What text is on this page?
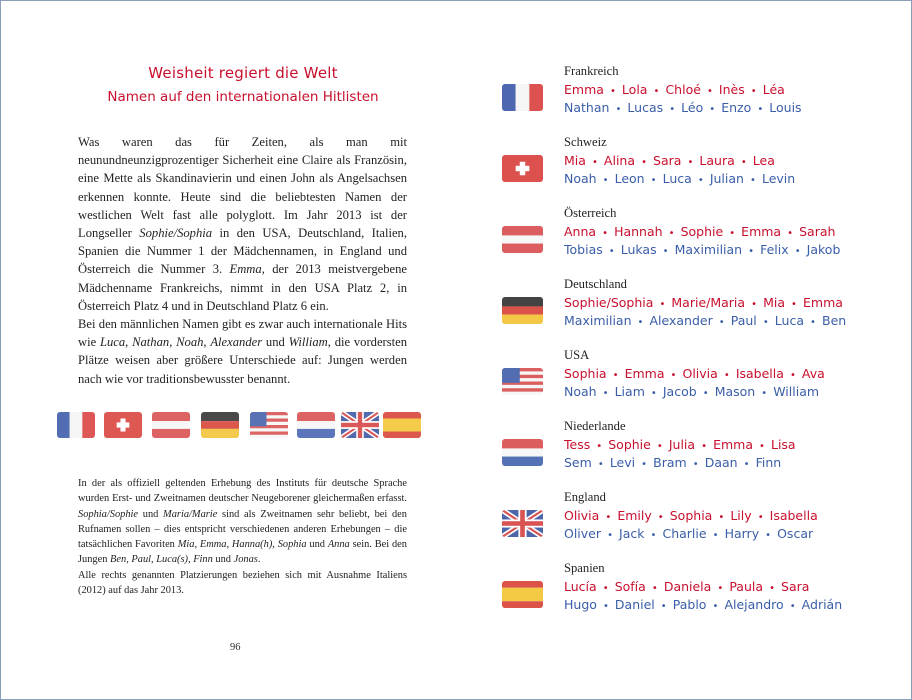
Weisheit regiert die Welt
Namen auf den internationalen Hitlisten

Was waren das für Zeiten, als man mit neunundneunzigprozentiger Sicherheit eine Claire als Französin, eine Mette als Skandinavierin und einen John als Angelsachsen erkennen konnte. Heute sind die beliebtesten Namen der westlichen Welt fast alle polyglott. Im Jahr 2013 ist der Longseller Sophie/Sophia in den USA, Deutschland, Italien, Spanien die Nummer 1 der Mädchennamen, in England und Österreich die Nummer 3. Emma, der 2013 meistvergebene Mädchenname Frankreichs, nimmt in den USA Platz 2, in Österreich Platz 4 und in Deutschland Platz 6 ein.
Bei den männlichen Namen gibt es zwar auch internationale Hits wie Luca, Nathan, Noah, Alexander und William, die vordersten Plätze weisen aber größere Unterschiede auf: Jungen werden nach wie vor traditionsbewusster benannt.

In der als offiziell geltenden Erhebung des Instituts für deutsche Sprache wurden Erst- und Zweitnamen deutscher Neugeborener gleichermaßen erfasst. Sophia/Sophie und Maria/Marie sind als Zweitnamen sehr beliebt, bei den Rufnamen sollen – dies entspricht verschiedenen anderen Erhebungen – die tatsächlichen Favoriten Mia, Emma, Hanna(h), Sophia und Anna sein. Bei den Jungen Ben, Paul, Luca(s), Finn und Jonas.
Alle rechts genannten Platzierungen beziehen sich mit Ausnahme Italiens (2012) auf das Jahr 2013.

96
Frankreich
Emma • Lola • Chloé • Inès • Léa
Nathan • Lucas • Léo • Enzo • Louis
Schweiz
Mia • Alina • Sara • Laura • Lea
Noah • Leon • Luca • Julian • Levin
Österreich
Anna • Hannah • Sophie • Emma • Sarah
Tobias • Lukas • Maximilian • Felix • Jakob
Deutschland
Sophie/Sophia • Marie/Maria • Mia • Emma
Maximilian • Alexander • Paul • Luca • Ben
USA
Sophia • Emma • Olivia • Isabella • Ava
Noah • Liam • Jacob • Mason • William
Niederlande
Tess • Sophie • Julia • Emma • Lisa
Sem • Levi • Bram • Daan • Finn
England
Olivia • Emily • Sophia • Lily • Isabella
Oliver • Jack • Charlie • Harry • Oscar
Spanien
Lucía • Sofía • Daniela • Paula • Sara
Hugo • Daniel • Pablo • Alejandro • Adrián
